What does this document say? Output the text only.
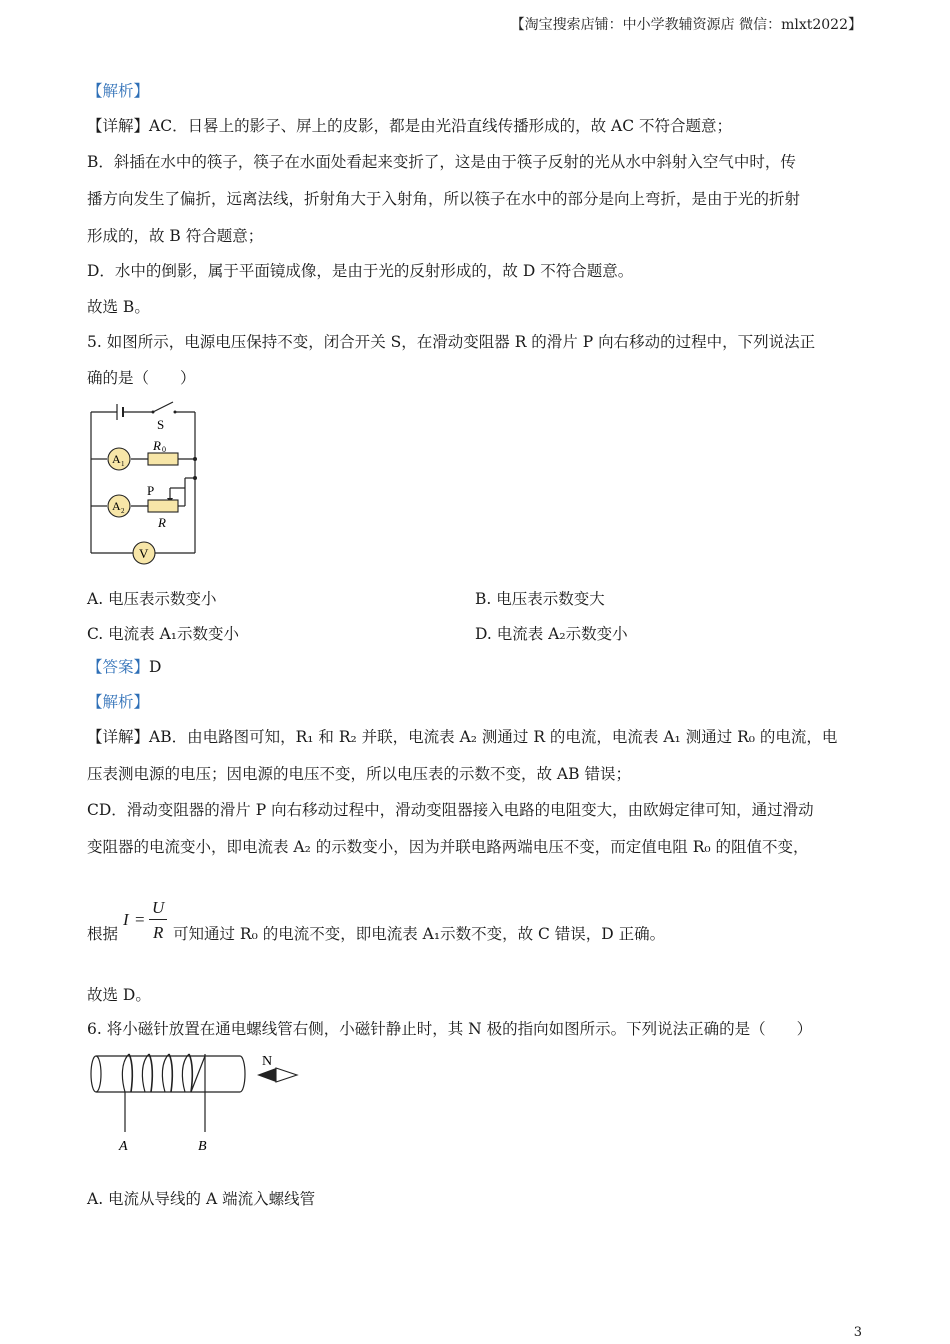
【淘宝搜索店铺：中小学教辅资源店 微信：mlxt2022】
【解析】
【详解】AC．日晷上的影子、屏上的皮影，都是由光沿直线传播形成的，故 AC 不符合题意；
B．斜插在水中的筷子，筷子在水面处看起来变折了，这是由于筷子反射的光从水中斜射入空气中时，传
播方向发生了偏折，远离法线，折射角大于入射角，所以筷子在水中的部分是向上弯折，是由于光的折射
形成的，故 B 符合题意；
D．水中的倒影，属于平面镜成像，是由于光的反射形成的，故 D 不符合题意。
故选 B。
5. 如图所示，电源电压保持不变，闭合开关 S，在滑动变阻器 R 的滑片 P 向右移动的过程中，下列说法正
确的是（　　）
S
R 0
A 1
A 2
P
R
V
A. 电压表示数变小	B. 电压表示数变大
C. 电流表 A₁示数变小	D. 电流表 A₂示数变小
【答案】D
【解析】
【详解】AB．由电路图可知，R₁ 和 R₂ 并联，电流表 A₂ 测通过 R 的电流，电流表 A₁ 测通过 R₀ 的电流，电
压表测电源的电压；因电源的电压不变，所以电压表的示数不变，故 AB 错误；
CD．滑动变阻器的滑片 P 向右移动过程中，滑动变阻器接入电路的电阻变大，由欧姆定律可知，通过滑动
变阻器的电流变小，即电流表 A₂ 的示数变小，因为并联电路两端电压不变，而定值电阻 R₀ 的阻值不变，
根据
I =
U
R 可知通过 R₀ 的电流不变，即电流表 A₁示数不变，故 C 错误，D 正确。
故选 D。
6. 将小磁针放置在通电螺线管右侧，小磁针静止时，其 N 极的指向如图所示。下列说法正确的是（　　）
N
A	B
A. 电流从导线的 A 端流入螺线管
3
